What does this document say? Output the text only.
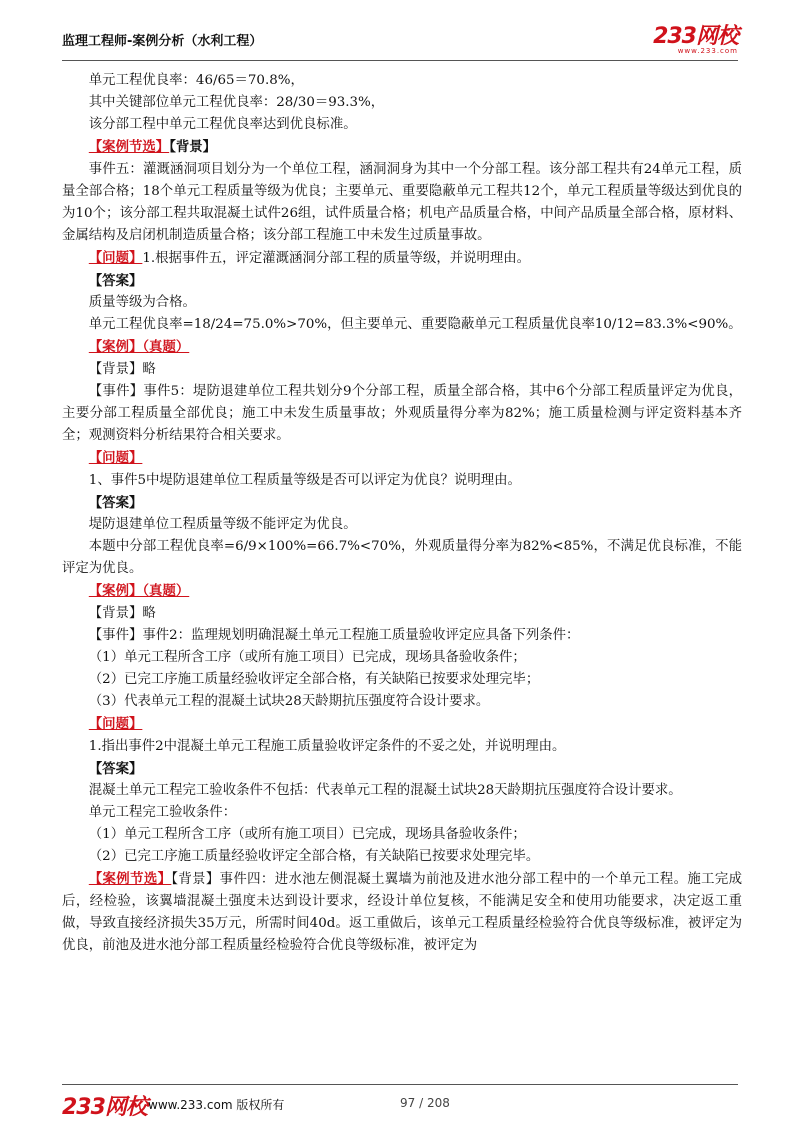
监理工程师-案例分析（水利工程）	233网校
www.233.com

单元工程优良率：46/65＝70.8%，

其中关键部位单元工程优良率：28/30＝93.3%，

该分部工程中单元工程优良率达到优良标准。

【案例节选】【背景】

事件五：灌溉涵洞项目划分为一个单位工程，涵洞洞身为其中一个分部工程。该分部工程共有24单元工程，质量全部合格；18个单元工程质量等级为优良；主要单元、重要隐蔽单元工程共12个，单元工程质量等级达到优良的为10个；该分部工程共取混凝土试件26组，试件质量合格；机电产品质量合格，中间产品质量全部合格，原材料、金属结构及启闭机制造质量合格；该分部工程施工中未发生过质量事故。

【问题】1.根据事件五，评定灌溉涵洞分部工程的质量等级，并说明理由。

【答案】

质量等级为合格。

单元工程优良率=18/24=75.0%>70%，但主要单元、重要隐蔽单元工程质量优良率10/12=83.3%<90%。

【案例】（真题）

【背景】略

【事件】事件5：堤防退建单位工程共划分9个分部工程，质量全部合格，其中6个分部工程质量评定为优良，主要分部工程质量全部优良；施工中未发生质量事故；外观质量得分率为82%；施工质量检测与评定资料基本齐全；观测资料分析结果符合相关要求。

【问题】

1、事件5中堤防退建单位工程质量等级是否可以评定为优良？说明理由。

【答案】

堤防退建单位工程质量等级不能评定为优良。

本题中分部工程优良率=6/9×100%=66.7%<70%，外观质量得分率为82%<85%，不满足优良标准，不能评定为优良。

【案例】（真题）

【背景】略

【事件】事件2：监理规划明确混凝土单元工程施工质量验收评定应具备下列条件：

（1）单元工程所含工序（或所有施工项目）已完成，现场具备验收条件；

（2）已完工序施工质量经验收评定全部合格，有关缺陷已按要求处理完毕；

（3）代表单元工程的混凝土试块28天龄期抗压强度符合设计要求。

【问题】

1.指出事件2中混凝土单元工程施工质量验收评定条件的不妥之处，并说明理由。

【答案】

混凝土单元工程完工验收条件不包括：代表单元工程的混凝土试块28天龄期抗压强度符合设计要求。

单元工程完工验收条件：

（1）单元工程所含工序（或所有施工项目）已完成，现场具备验收条件；

（2）已完工序施工质量经验收评定全部合格，有关缺陷已按要求处理完毕。

【案例节选】【背景】事件四：进水池左侧混凝土翼墙为前池及进水池分部工程中的一个单元工程。施工完成后，经检验，该翼墙混凝土强度未达到设计要求，经设计单位复核，不能满足安全和使用功能要求，决定返工重做，导致直接经济损失35万元，所需时间40d。返工重做后，该单元工程质量经检验符合优良等级标准，被评定为优良，前池及进水池分部工程质量经检验符合优良等级标准，被评定为

233网校 www.233.com 版权所有	97 / 208
